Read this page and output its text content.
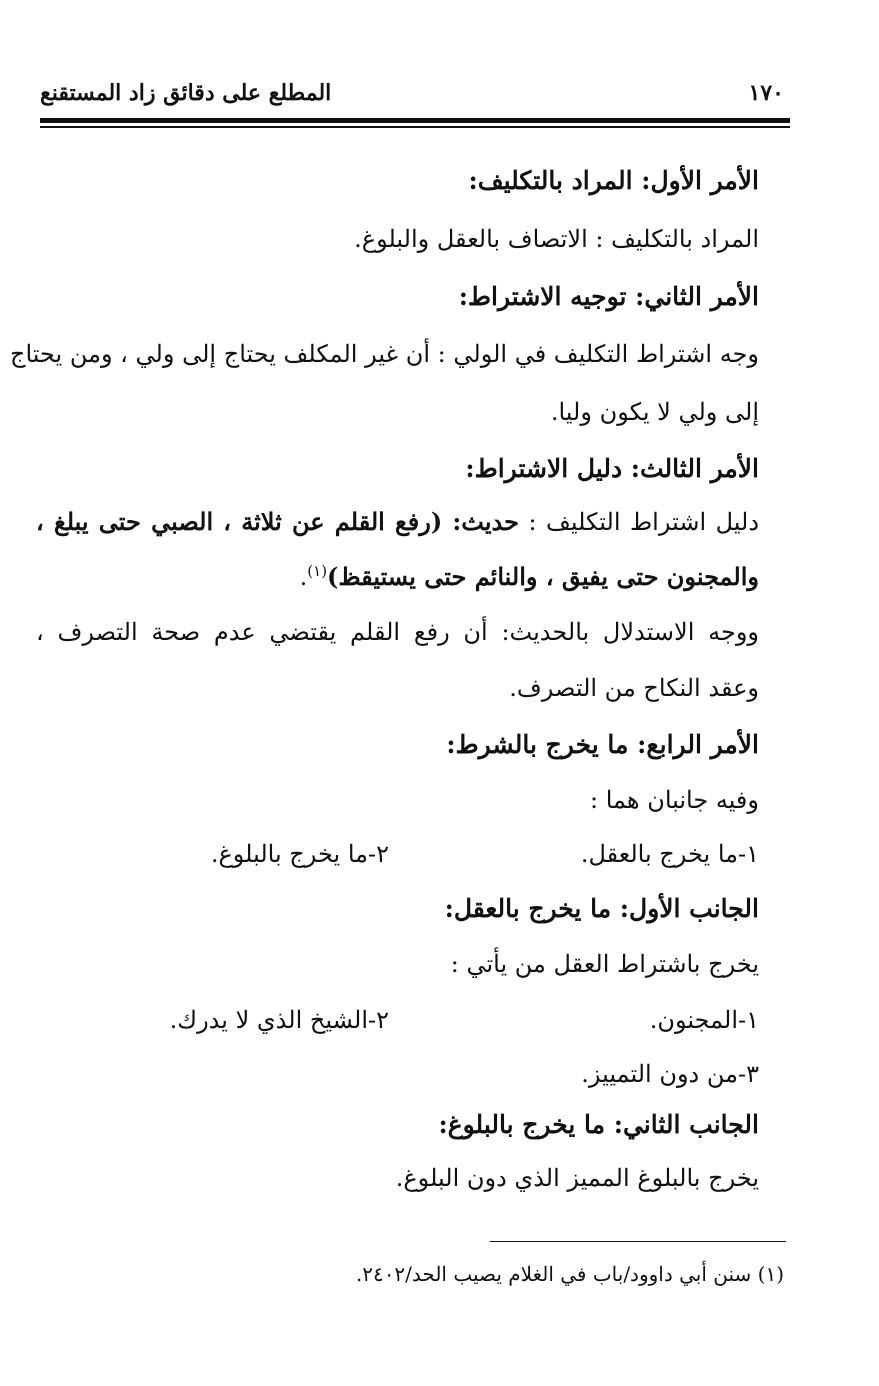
١٧٠
المطلع على دقائق زاد المستقنع
الأمر الأول: المراد بالتكليف:
المراد بالتكليف : الاتصاف بالعقل والبلوغ.
الأمر الثاني: توجيه الاشتراط:
وجه اشتراط التكليف في الولي : أن غير المكلف يحتاج إلى ولي ، ومن يحتاج
إلى ولي لا يكون وليا.
الأمر الثالث: دليل الاشتراط:
دليل اشتراط التكليف : حديث: (رفع القلم عن ثلاثة ، الصبي حتى يبلغ ،
والمجنون حتى يفيق ، والنائم حتى يستيقظ)$^{(١)}$.
ووجه الاستدلال بالحديث: أن رفع القلم يقتضي عدم صحة التصرف ،
وعقد النكاح من التصرف.
الأمر الرابع: ما يخرج بالشرط:
وفيه جانبان هما :
١-ما يخرج بالعقل.
٢-ما يخرج بالبلوغ.
الجانب الأول: ما يخرج بالعقل:
يخرج باشتراط العقل من يأتي :
١-المجنون.
٢-الشيخ الذي لا يدرك.
٣-من دون التمييز.
الجانب الثاني: ما يخرج بالبلوغ:
يخرج بالبلوغ المميز الذي دون البلوغ.
(١) سنن أبي داوود/باب في الغلام يصيب الحد/٢٤٠٢.
